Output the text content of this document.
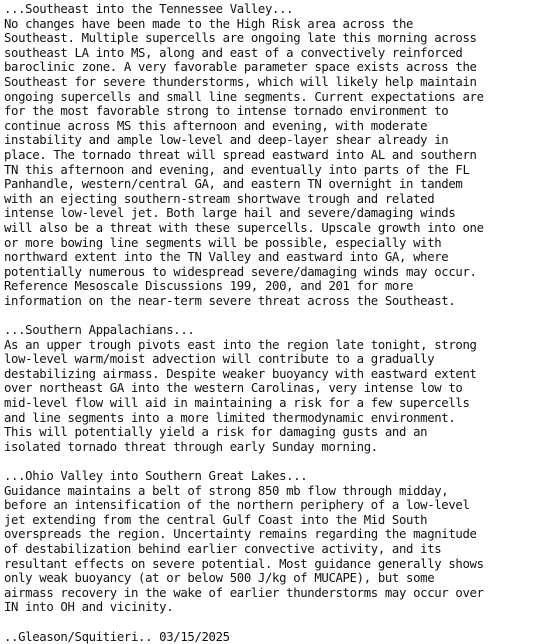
...Southeast into the Tennessee Valley...

No changes have been made to the High Risk area across the

Southeast. Multiple supercells are ongoing late this morning across

southeast LA into MS, along and east of a convectively reinforced

baroclinic zone. A very favorable parameter space exists across the

Southeast for severe thunderstorms, which will likely help maintain

ongoing supercells and small line segments. Current expectations are

for the most favorable strong to intense tornado environment to

continue across MS this afternoon and evening, with moderate

instability and ample low-level and deep-layer shear already in

place. The tornado threat will spread eastward into AL and southern

TN this afternoon and evening, and eventually into parts of the FL

Panhandle, western/central GA, and eastern TN overnight in tandem

with an ejecting southern-stream shortwave trough and related

intense low-level jet. Both large hail and severe/damaging winds

will also be a threat with these supercells. Upscale growth into one

or more bowing line segments will be possible, especially with

northward extent into the TN Valley and eastward into GA, where

potentially numerous to widespread severe/damaging winds may occur.

Reference Mesoscale Discussions 199, 200, and 201 for more

information on the near-term severe threat across the Southeast.

...Southern Appalachians...

As an upper trough pivots east into the region late tonight, strong

low-level warm/moist advection will contribute to a gradually

destabilizing airmass. Despite weaker buoyancy with eastward extent

over northeast GA into the western Carolinas, very intense low to

mid-level flow will aid in maintaining a risk for a few supercells

and line segments into a more limited thermodynamic environment.

This will potentially yield a risk for damaging gusts and an

isolated tornado threat through early Sunday morning.

...Ohio Valley into Southern Great Lakes...

Guidance maintains a belt of strong 850 mb flow through midday,

before an intensification of the northern periphery of a low-level

jet extending from the central Gulf Coast into the Mid South

overspreads the region. Uncertainty remains regarding the magnitude

of destabilization behind earlier convective activity, and its

resultant effects on severe potential. Most guidance generally shows

only weak buoyancy (at or below 500 J/kg of MUCAPE), but some

airmass recovery in the wake of earlier thunderstorms may occur over

IN into OH and vicinity.

..Gleason/Squitieri.. 03/15/2025
